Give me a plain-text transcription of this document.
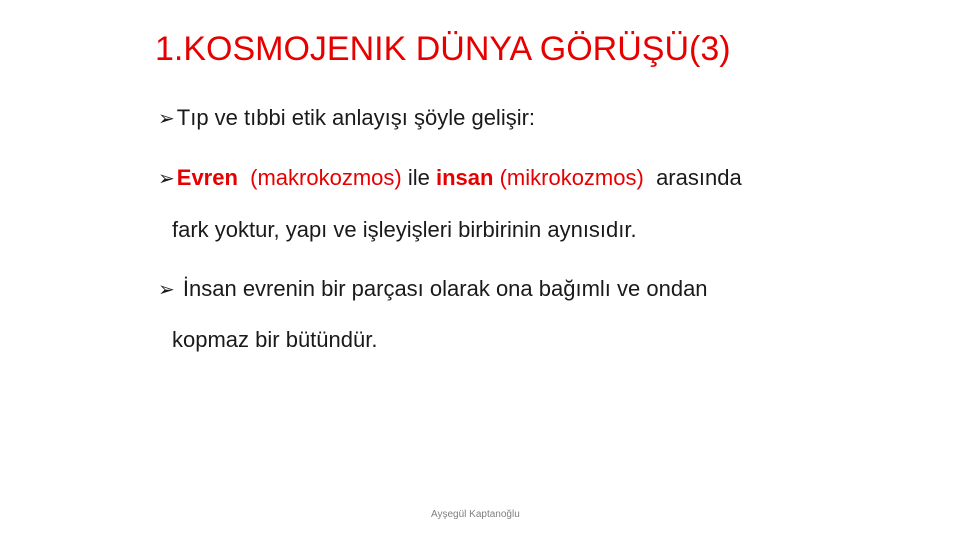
1.KOSMOJENIK DÜNYA GÖRÜŞÜ(3)
➢Tıp ve tıbbi etik anlayışı şöyle gelişir:
➢Evren (makrokozmos) ile insan (mikrokozmos) arasında
fark yoktur, yapı ve işleyişleri birbirinin aynısıdır.
➢ İnsan evrenin bir parçası olarak ona bağımlı ve ondan
kopmaz bir bütündür.
Ayşegül Kaptanoğlu
